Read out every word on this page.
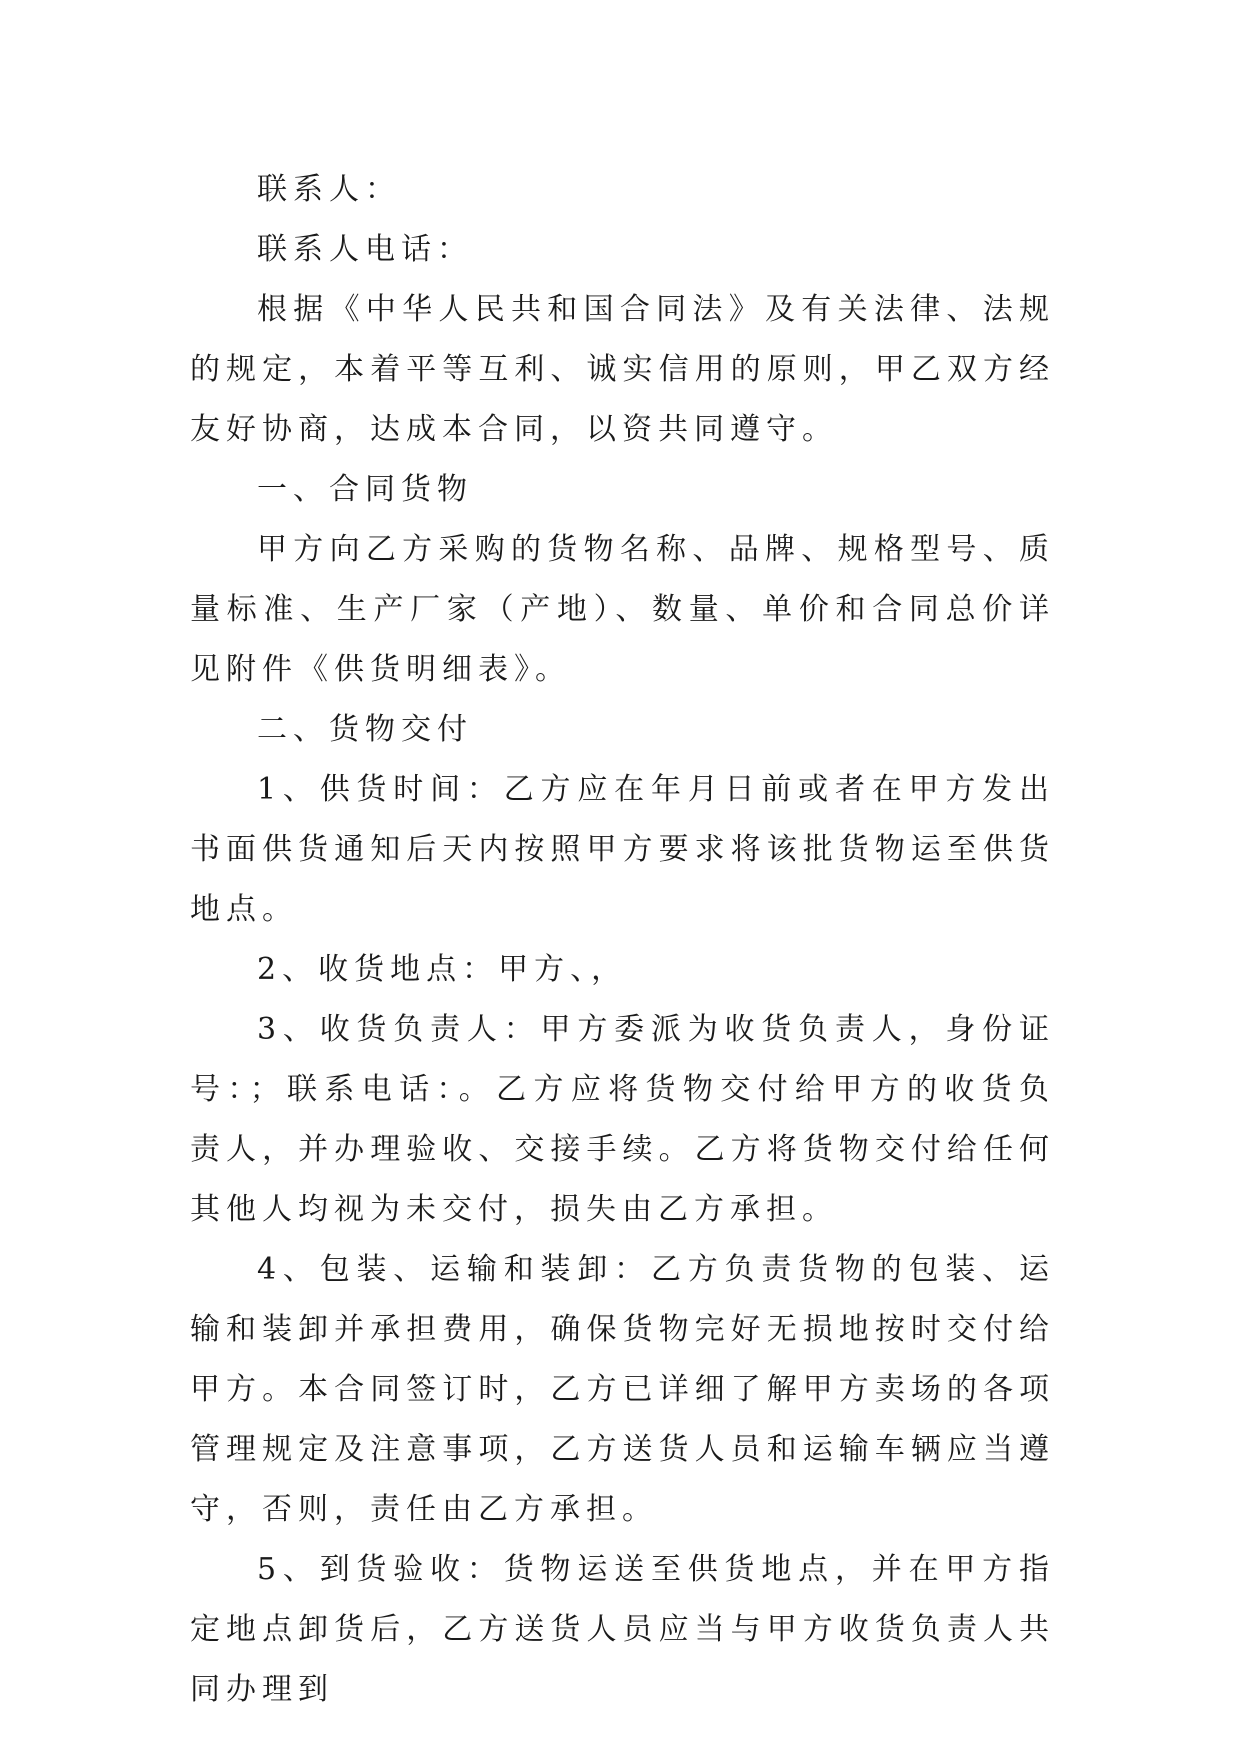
联系人：

联系人电话：

根据《中华人民共和国合同法》及有关法律、法规的规定，本着平等互利、诚实信用的原则，甲乙双方经友好协商，达成本合同，以资共同遵守。

一、合同货物

甲方向乙方采购的货物名称、品牌、规格型号、质量标准、生产厂家（产地）、数量、单价和合同总价详见附件《供货明细表》。

二、货物交付

1、供货时间：乙方应在年月日前或者在甲方发出书面供货通知后天内按照甲方要求将该批货物运至供货地点。

2、收货地点：甲方、，

3、收货负责人：甲方委派为收货负责人，身份证号：；联系电话：。乙方应将货物交付给甲方的收货负责人，并办理验收、交接手续。乙方将货物交付给任何其他人均视为未交付，损失由乙方承担。

4、包装、运输和装卸：乙方负责货物的包装、运输和装卸并承担费用，确保货物完好无损地按时交付给甲方。本合同签订时，乙方已详细了解甲方卖场的各项管理规定及注意事项，乙方送货人员和运输车辆应当遵守，否则，责任由乙方承担。

5、到货验收：货物运送至供货地点，并在甲方指定地点卸货后，乙方送货人员应当与甲方收货负责人共同办理到
